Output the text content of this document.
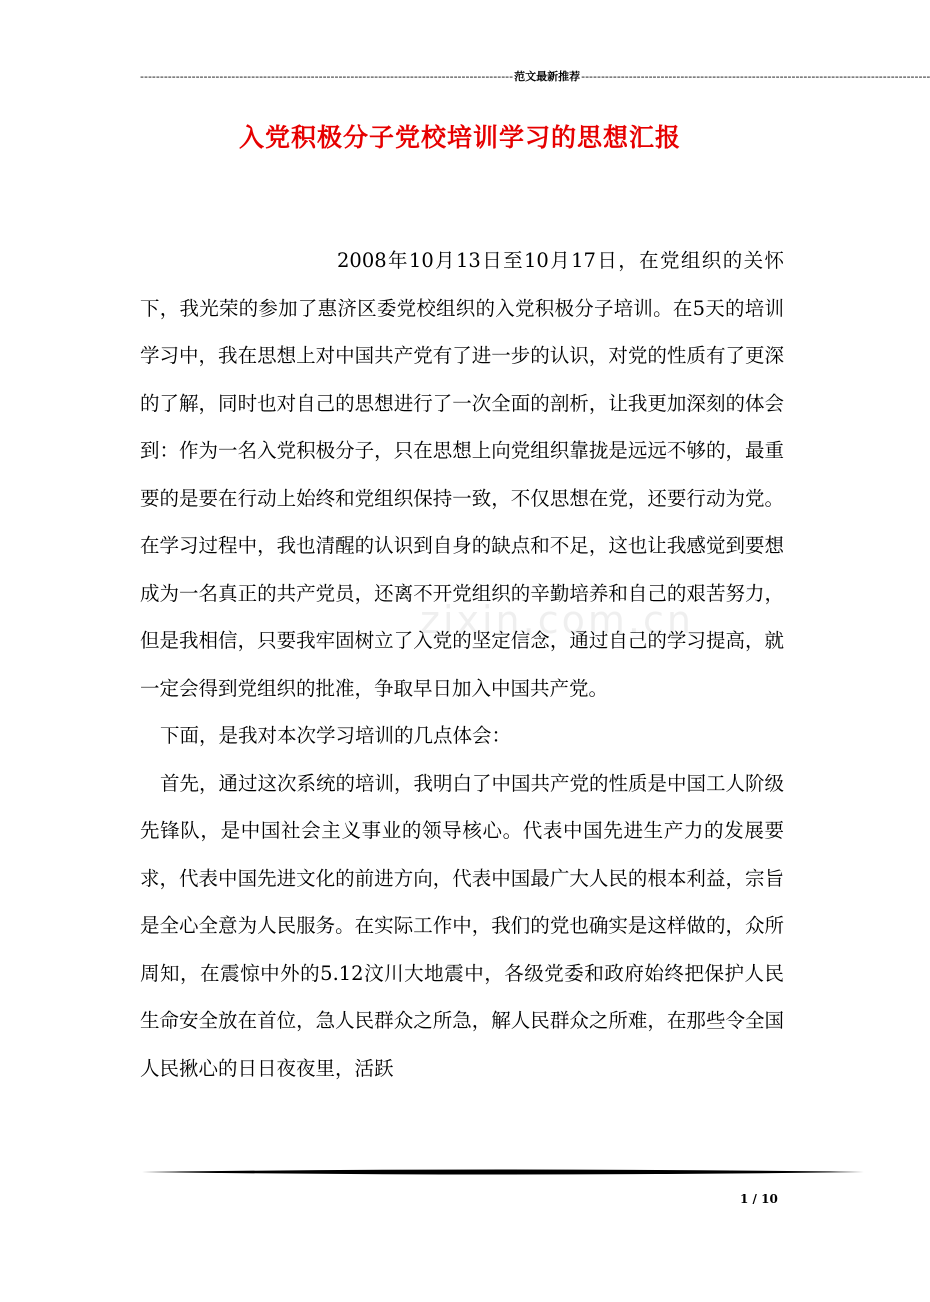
---------------------------------------------------------------------------------------------- 范文最新推荐 ----------------------------------------------------------------------------------------
入党积极分子党校培训学习的思想汇报
zixin.com.cn

2008年10月13日至10月17日，在党组织的关怀下，我光荣的参加了惠济区委党校组织的入党积极分子培训。在5天的培训学习中，我在思想上对中国共产党有了进一步的认识，对党的性质有了更深的了解，同时也对自己的思想进行了一次全面的剖析，让我更加深刻的体会到：作为一名入党积极分子，只在思想上向党组织靠拢是远远不够的，最重要的是要在行动上始终和党组织保持一致，不仅思想在党，还要行动为党。在学习过程中，我也清醒的认识到自身的缺点和不足，这也让我感觉到要想成为一名真正的共产党员，还离不开党组织的辛勤培养和自己的艰苦努力，但是我相信，只要我牢固树立了入党的坚定信念，通过自己的学习提高，就一定会得到党组织的批准，争取早日加入中国共产党。

下面，是我对本次学习培训的几点体会：

首先，通过这次系统的培训，我明白了中国共产党的性质是中国工人阶级先锋队，是中国社会主义事业的领导核心。代表中国先进生产力的发展要求，代表中国先进文化的前进方向，代表中国最广大人民的根本利益，宗旨是全心全意为人民服务。在实际工作中，我们的党也确实是这样做的，众所周知，在震惊中外的5.12汶川大地震中，各级党委和政府始终把保护人民生命安全放在首位，急人民群众之所急，解人民群众之所难，在那些令全国人民揪心的日日夜夜里，活跃

1 / 10
